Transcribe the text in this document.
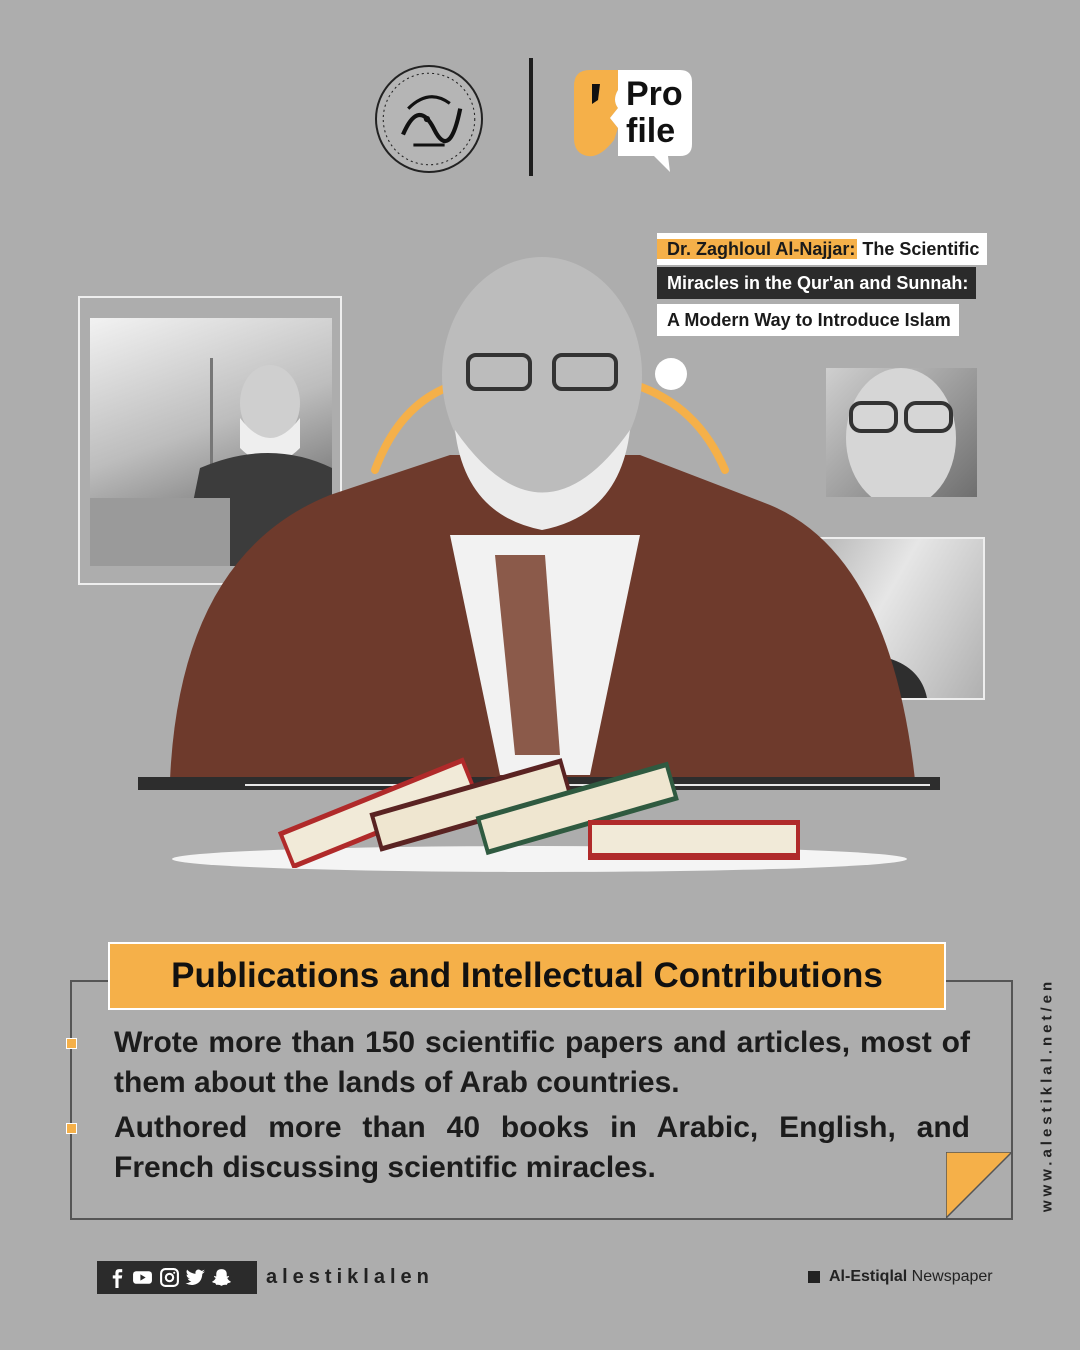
Pro
file
Dr. Zaghloul Al-Najjar: The Scientific
Miracles in the Qur'an and Sunnah:
A Modern Way to Introduce Islam
Publications and Intellectual Contributions
Wrote more than 150 scientific papers and articles, most of them about the lands of Arab countries.
Authored more than 40 books in Arabic, English, and French discussing scientific miracles.	www.alestiklal.net/en
alestiklalen	Al-Estiqlal Newspaper
